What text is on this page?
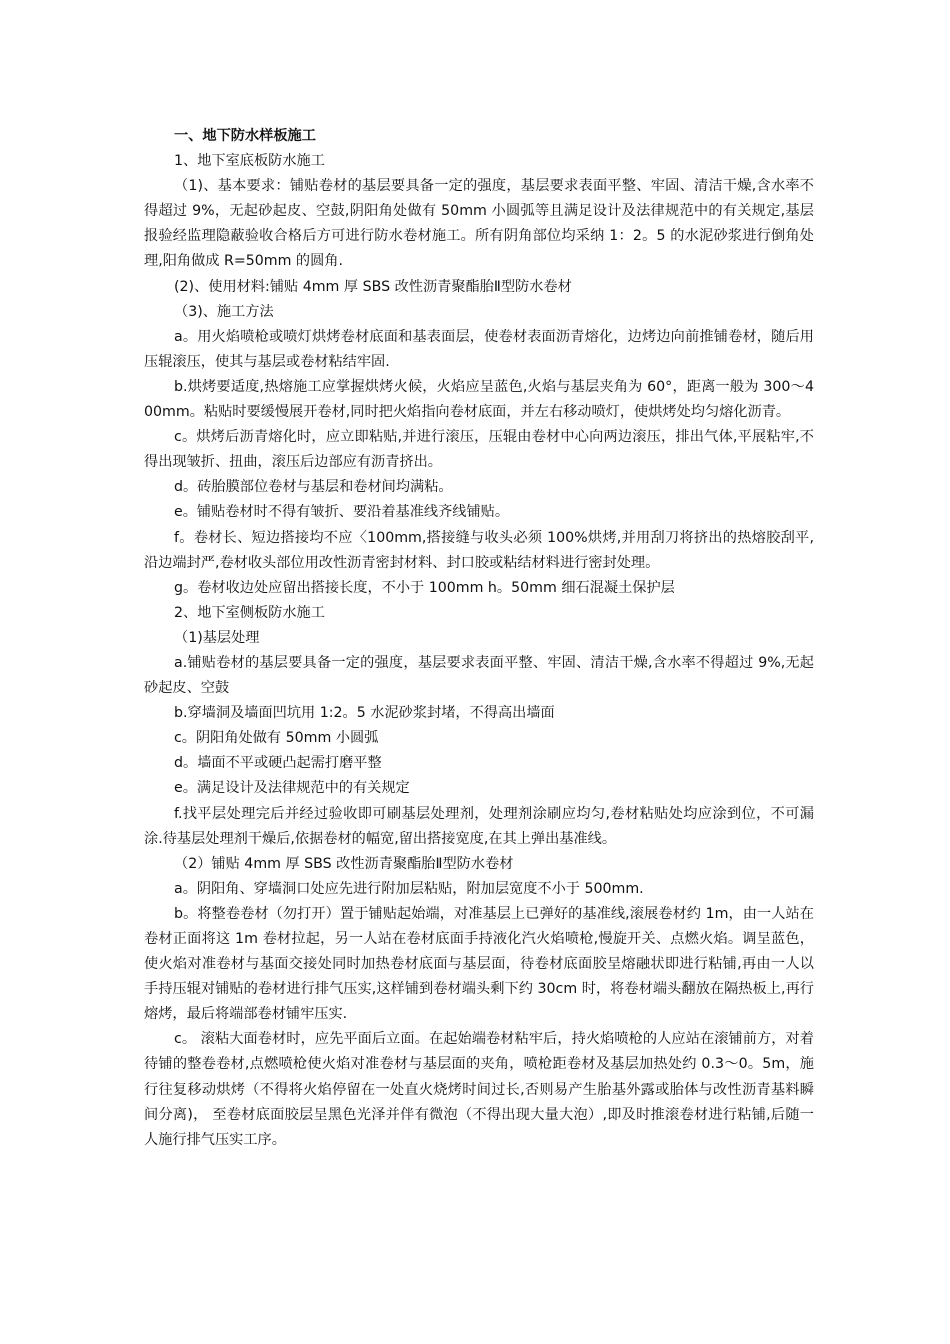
一、地下防水样板施工

1、地下室底板防水施工

（1)、基本要求：铺贴卷材的基层要具备一定的强度，基层要求表面平整、牢固、清洁干燥,含水率不得超过 9%，无起砂起皮、空鼓,阴阳角处做有 50mm 小圆弧等且满足设计及法律规范中的有关规定,基层报验经监理隐蔽验收合格后方可进行防水卷材施工。所有阴角部位均采纳 1：2。5 的水泥砂浆进行倒角处理,阳角做成 R=50mm 的圆角.

(2)、使用材料:铺贴 4mm 厚 SBS 改性沥青聚酯胎Ⅱ型防水卷材

（3)、施工方法

a。用火焰喷枪或喷灯烘烤卷材底面和基表面层，使卷材表面沥青熔化，边烤边向前推铺卷材，随后用压辊滚压，使其与基层或卷材粘结牢固.

b.烘烤要适度,热熔施工应掌握烘烤火候，火焰应呈蓝色,火焰与基层夹角为 60°，距离一般为 300～400mm。粘贴时要缓慢展开卷材,同时把火焰指向卷材底面，并左右移动喷灯，使烘烤处均匀熔化沥青。

c。烘烤后沥青熔化时，应立即粘贴,并进行滚压，压辊由卷材中心向两边滚压，排出气体,平展粘牢,不得出现皱折、扭曲，滚压后边部应有沥青挤出。

d。砖胎膜部位卷材与基层和卷材间均满粘。

e。铺贴卷材时不得有皱折、要沿着基准线齐线铺贴。

f。卷材长、短边搭接均不应〈100mm,搭接缝与收头必须 100%烘烤,并用刮刀将挤出的热熔胶刮平,沿边端封严,卷材收头部位用改性沥青密封材料、封口胶或粘结材料进行密封处理。

g。卷材收边处应留出搭接长度，不小于 100mm h。50mm 细石混凝土保护层

2、地下室侧板防水施工

（1)基层处理

a.铺贴卷材的基层要具备一定的强度，基层要求表面平整、牢固、清洁干燥,含水率不得超过 9%,无起砂起皮、空鼓

b.穿墙洞及墙面凹坑用 1:2。5 水泥砂浆封堵，不得高出墙面

c。阴阳角处做有 50mm 小圆弧

d。墙面不平或硬凸起需打磨平整

e。满足设计及法律规范中的有关规定

f.找平层处理完后并经过验收即可刷基层处理剂，处理剂涂刷应均匀,卷材粘贴处均应涂到位，不可漏涂.待基层处理剂干燥后,依据卷材的幅宽,留出搭接宽度,在其上弹出基准线。

（2）铺贴 4mm 厚 SBS 改性沥青聚酯胎Ⅱ型防水卷材

a。阴阳角、穿墙洞口处应先进行附加层粘贴，附加层宽度不小于 500mm.

b。将整卷卷材（勿打开）置于铺贴起始端，对准基层上已弹好的基准线,滚展卷材约 1m，由一人站在卷材正面将这 1m 卷材拉起，另一人站在卷材底面手持液化汽火焰喷枪,慢旋开关、点燃火焰。调呈蓝色，使火焰对准卷材与基面交接处同时加热卷材底面与基层面，待卷材底面胶呈熔融状即进行粘铺,再由一人以手持压辊对铺贴的卷材进行排气压实,这样铺到卷材端头剩下约 30cm 时，将卷材端头翻放在隔热板上,再行熔烤，最后将端部卷材铺牢压实.

c。 滚粘大面卷材时，应先平面后立面。在起始端卷材粘牢后，持火焰喷枪的人应站在滚铺前方，对着待铺的整卷卷材,点燃喷枪使火焰对准卷材与基层面的夹角，喷枪距卷材及基层加热处约 0.3～0。5m，施行往复移动烘烤（不得将火焰停留在一处直火烧烤时间过长,否则易产生胎基外露或胎体与改性沥青基料瞬间分离)， 至卷材底面胶层呈黑色光泽并伴有微泡（不得出现大量大泡）,即及时推滚卷材进行粘铺,后随一人施行排气压实工序。
